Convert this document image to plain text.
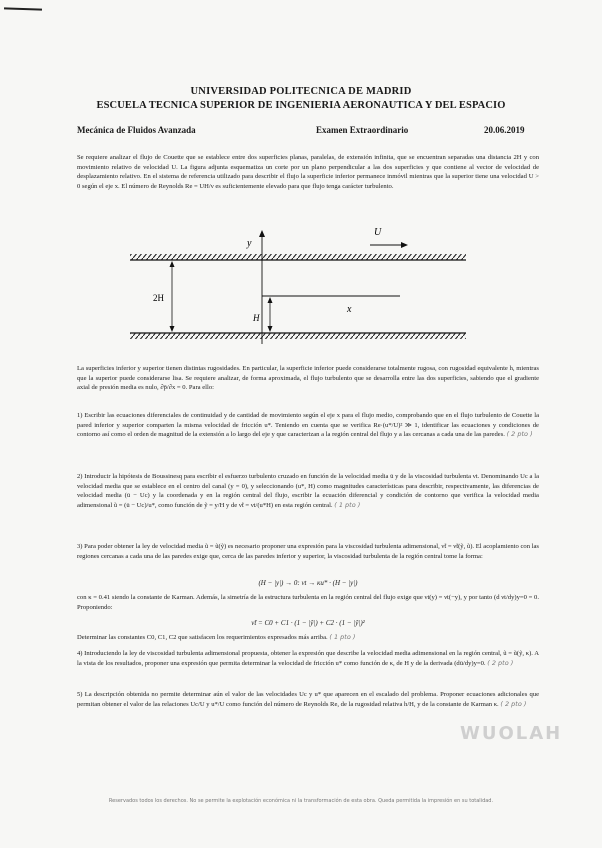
UNIVERSIDAD POLITECNICA DE MADRID
ESCUELA TECNICA SUPERIOR DE INGENIERIA AERONAUTICA Y DEL ESPACIO
Mecánica de Fluidos Avanzada	Examen Extraordinario	20.06.2019
Se requiere analizar el flujo de Couette que se establece entre dos superficies planas, paralelas, de extensión infinita, que se encuentran separadas una distancia 2H y con movimiento relativo de velocidad U. La figura adjunta esquematiza un corte por un plano perpendicular a las dos superficies y que contiene al vector de velocidad de desplazamiento relativo. En el sistema de referencia utilizado para describir el flujo la superficie inferior permanece inmóvil mientras que la superior tiene una velocidad U > 0 según el eje x. El número de Reynolds Re = UH/ν es suficientemente elevado para que flujo tenga carácter turbulento.
y
U
2H
x
H
La superficies inferior y superior tienen distintas rugosidades. En particular, la superficie inferior puede considerarse totalmente rugosa, con rugosidad equivalente h, mientras que la superior puede considerarse lisa. Se requiere analizar, de forma aproximada, el flujo turbulento que se desarrolla entre las dos superficies, sabiendo que el gradiente axial de presión media es nulo, ∂p̄/∂x = 0. Para ello:
1) Escribir las ecuaciones diferenciales de continuidad y de cantidad de movimiento según el eje x para el flujo medio, comprobando que en el flujo turbulento de Couette la pared inferior y superior comparten la misma velocidad de fricción u*. Teniendo en cuenta que se verifica Re·(u*/U)² ≫ 1, identificar las ecuaciones y condiciones de contorno así como el orden de magnitud de la extensión a lo largo del eje y que caracterizan a la región central del flujo y a las cercanas a cada una de las paredes. ( 2 pto )
2) Introducir la hipótesis de Boussinesq para escribir el esfuerzo turbulento cruzado en función de la velocidad media ū y de la viscosidad turbulenta νt. Denominando Uc a la velocidad media que se establece en el centro del canal (y = 0), y seleccionando (u*, H) como magnitudes características para describir, respectivamente, las diferencias de velocidad media (ū − Uc) y la coordenada y en la región central del flujo, escribir la ecuación diferencial y condición de contorno que verifica la velocidad media adimensional ũ = (ū − Uc)/u*, como función de ỹ = y/H y de ν̃t = νt/(u*H) en esta región central. ( 1 pto )
3) Para poder obtener la ley de velocidad media ũ = ũ(ỹ) es necesario proponer una expresión para la viscosidad turbulenta adimensional, ν̃t = ν̃t(ỹ, ũ). El acoplamiento con las regiones cercanas a cada una de las paredes exige que, cerca de las paredes inferior y superior, la viscosidad turbulenta de la región central tome la forma:
(H − |y|) → 0: νt → κu* · (H − |y|)
con κ = 0.41 siendo la constante de Karman. Además, la simetría de la estructura turbulenta en la región central del flujo exige que νt(y) = νt(−y), y por tanto (d νt/dy)y=0 = 0. Proponiendo:
ν̃t = C0 + C1 · (1 − |ỹ|) + C2 · (1 − |ỹ|)²
Determinar las constantes C0, C1, C2 que satisfacen los requerimientos expresados más arriba. ( 1 pto )
4) Introduciendo la ley de viscosidad turbulenta adimensional propuesta, obtener la expresión que describe la velocidad media adimensional en la región central, ũ = ũ(ỹ, κ). A la vista de los resultados, proponer una expresión que permita determinar la velocidad de fricción u* como función de κ, de H y de la derivada (dū/dy)y=0. ( 2 pto )
5) La descripción obtenida no permite determinar aún el valor de las velocidades Uc y u* que aparecen en el escalado del problema. Proponer ecuaciones adicionales que permitan obtener el valor de las relaciones Uc/U y u*/U como función del número de Reynolds Re, de la rugosidad relativa h/H, y de la constante de Karman κ. ( 2 pto )
WUOLAH
Reservados todos los derechos. No se permite la explotación económica ni la transformación de esta obra. Queda permitida la impresión en su totalidad.
